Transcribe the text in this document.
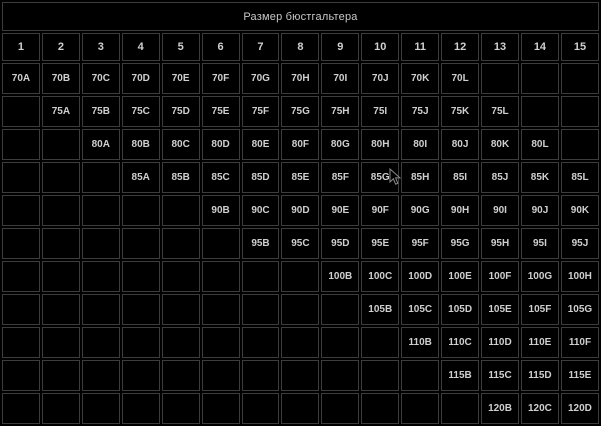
Размер бюстгальтера														
1	2	3	4	5	6	7	8	9	10	11	12	13	14	15
70A	70B	70C	70D	70E	70F	70G	70H	70I	70J	70K	70L			
	75A	75B	75C	75D	75E	75F	75G	75H	75I	75J	75K	75L		
		80A	80B	80C	80D	80E	80F	80G	80H	80I	80J	80K	80L	
			85A	85B	85C	85D	85E	85F	85G	85H	85I	85J	85K	85L
					90B	90C	90D	90E	90F	90G	90H	90I	90J	90K
						95B	95C	95D	95E	95F	95G	95H	95I	95J
								100B	100C	100D	100E	100F	100G	100H
									105B	105C	105D	105E	105F	105G
										110B	110C	110D	110E	110F
											115B	115C	115D	115E
												120B	120C	120D
